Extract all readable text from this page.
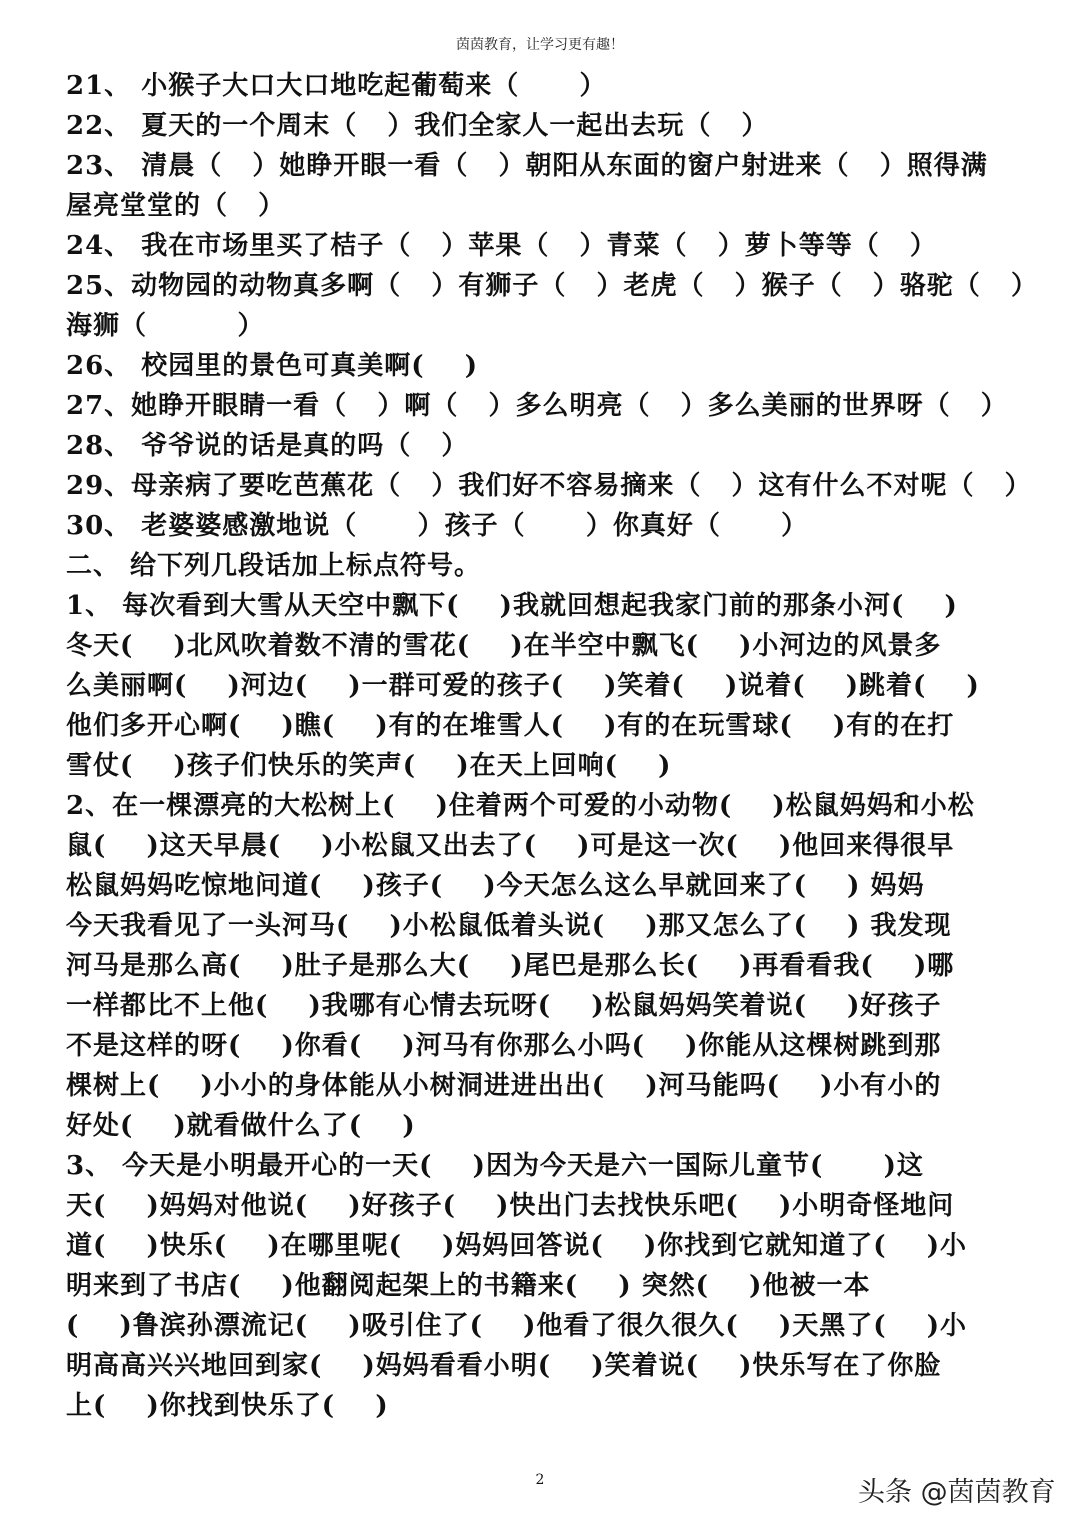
茵茵教育，让学习更有趣！
21、 小猴子大口大口地吃起葡萄来（      ）
22、 夏天的一个周末（   ）我们全家人一起出去玩（   ）
23、 清晨（   ）她睁开眼一看（   ）朝阳从东面的窗户射进来（   ）照得满
屋亮堂堂的（   ）
24、 我在市场里买了桔子（   ）苹果（   ）青菜（   ）萝卜等等（   ）
25、动物园的动物真多啊（   ）有狮子（   ）老虎（   ）猴子（   ）骆驼（   ）
海狮（         ）
26、 校园里的景色可真美啊(    )
27、她睁开眼睛一看（   ）啊（   ）多么明亮（   ）多么美丽的世界呀（   ）
28、 爷爷说的话是真的吗（   ）
29、母亲病了要吃芭蕉花（   ）我们好不容易摘来（   ）这有什么不对呢（   ）
30、 老婆婆感激地说（      ）孩子（      ）你真好（      ）
二、 给下列几段话加上标点符号。
1、 每次看到大雪从天空中飘下(    )我就回想起我家门前的那条小河(    )
冬天(    )北风吹着数不清的雪花(    )在半空中飘飞(    )小河边的风景多
么美丽啊(    )河边(    )一群可爱的孩子(    )笑着(    )说着(    )跳着(    )
他们多开心啊(    )瞧(    )有的在堆雪人(    )有的在玩雪球(    )有的在打
雪仗(    )孩子们快乐的笑声(    )在天上回响(    )
2、在一棵漂亮的大松树上(    )住着两个可爱的小动物(    )松鼠妈妈和小松
鼠(    )这天早晨(    )小松鼠又出去了(    )可是这一次(    )他回来得很早
松鼠妈妈吃惊地问道(    )孩子(    )今天怎么这么早就回来了(    ) 妈妈
今天我看见了一头河马(    )小松鼠低着头说(    )那又怎么了(    ) 我发现
河马是那么高(    )肚子是那么大(    )尾巴是那么长(    )再看看我(    )哪
一样都比不上他(    )我哪有心情去玩呀(    )松鼠妈妈笑着说(    )好孩子
不是这样的呀(    )你看(    )河马有你那么小吗(    )你能从这棵树跳到那
棵树上(    )小小的身体能从小树洞进进出出(    )河马能吗(    )小有小的
好处(    )就看做什么了(    )
3、 今天是小明最开心的一天(    )因为今天是六一国际儿童节(      )这
天(    )妈妈对他说(    )好孩子(    )快出门去找快乐吧(    )小明奇怪地问
道(    )快乐(    )在哪里呢(    )妈妈回答说(    )你找到它就知道了(    )小
明来到了书店(    )他翻阅起架上的书籍来(    ) 突然(    )他被一本
(    )鲁滨孙漂流记(    )吸引住了(    )他看了很久很久(    )天黑了(    )小
明高高兴兴地回到家(    )妈妈看看小明(    )笑着说(    )快乐写在了你脸
上(    )你找到快乐了(    )
2	头条 @茵茵教育
